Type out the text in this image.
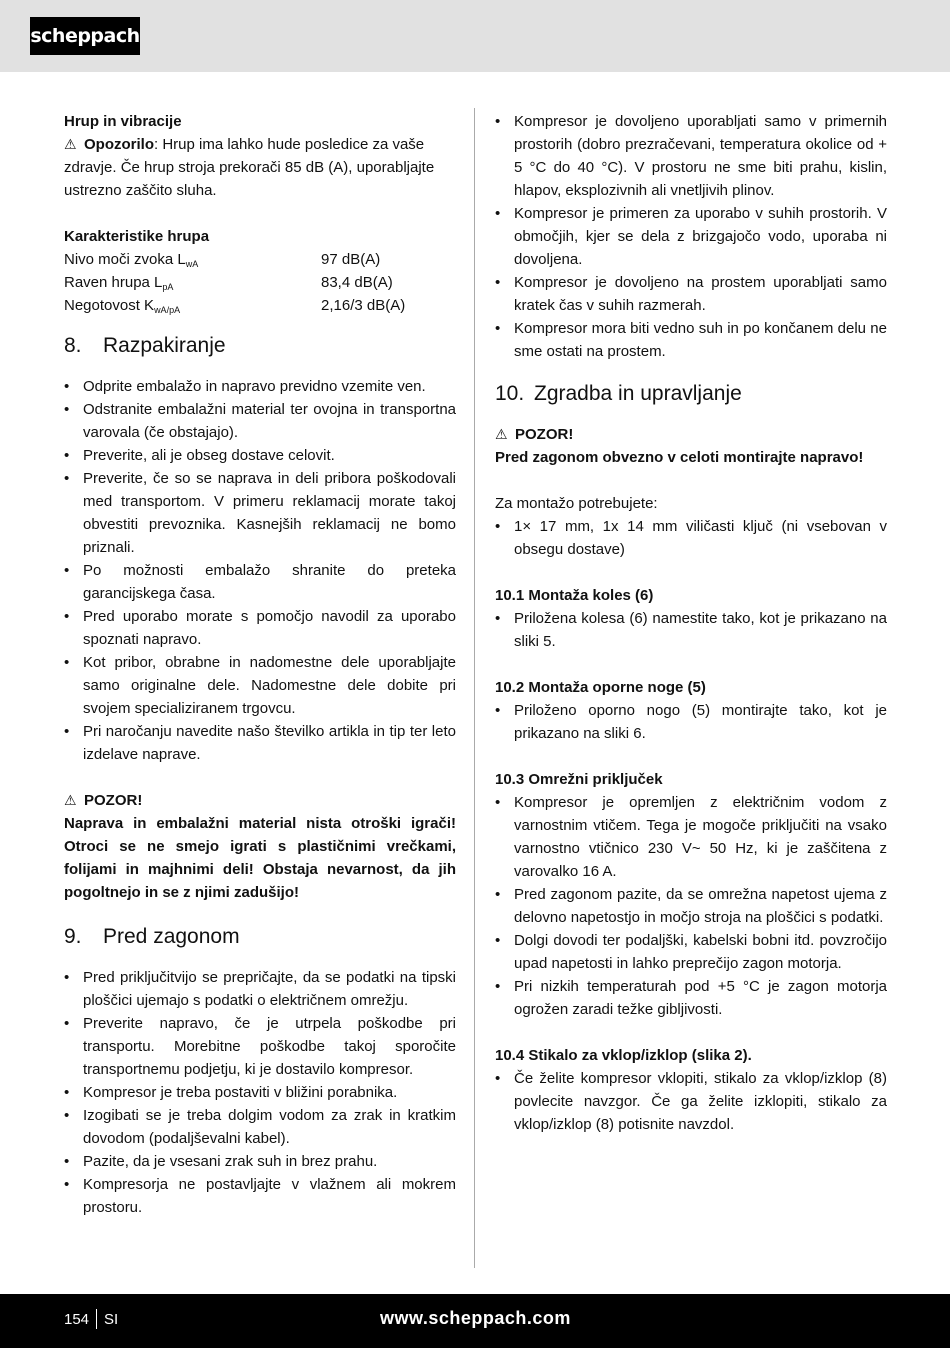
scheppach

Hrup in vibracije

⚠ Opozorilo: Hrup ima lahko hude posledice za vaše zdravje. Če hrup stroja prekorači 85 dB (A), uporabljajte ustrezno zaščito sluha.

Karakteristike hrupa

Nivo moči zvoka $L_{wA}$	97 dB(A)
Raven hrupa $L_{pA}$	83,4 dB(A)
Negotovost $K_{wA/pA}$	2,16/3 dB(A)
8.	Razpakiranje
• Odprite embalažo in napravo previdno vzemite ven.
• Odstranite embalažni material ter ovojna in transportna varovala (če obstajajo).
• Preverite, ali je obseg dostave celovit.
• Preverite, če so se naprava in deli pribora poškodovali med transportom. V primeru reklamacij morate takoj obvestiti prevoznika. Kasnejših reklamacij ne bomo priznali.
• Po možnosti embalažo shranite do preteka garancijskega časa.
• Pred uporabo morate s pomočjo navodil za uporabo spoznati napravo.
• Kot pribor, obrabne in nadomestne dele uporabljajte samo originalne dele. Nadomestne dele dobite pri svojem specializiranem trgovcu.
• Pri naročanju navedite našo številko artikla in tip ter leto izdelave naprave.

⚠ POZOR!

Naprava in embalažni material nista otroški igrači! Otroci se ne smejo igrati s plastičnimi vrečkami, folijami in majhnimi deli! Obstaja nevarnost, da jih pogoltnejo in se z njimi zadušijo!

9.	Pred zagonom
• Pred priključitvijo se prepričajte, da se podatki na tipski ploščici ujemajo s podatki o električnem omrežju.
• Preverite napravo, če je utrpela poškodbe pri transportu. Morebitne poškodbe takoj sporočite transportnemu podjetju, ki je dostavilo kompresor.
• Kompresor je treba postaviti v bližini porabnika.
• Izogibati se je treba dolgim vodom za zrak in kratkim dovodom (podaljševalni kabel).
• Pazite, da je vsesani zrak suh in brez prahu.
• Kompresorja ne postavljajte v vlažnem ali mokrem prostoru.
• Kompresor je dovoljeno uporabljati samo v primernih prostorih (dobro prezračevani, temperatura okolice od + 5 °C do 40 °C). V prostoru ne sme biti prahu, kislin, hlapov, eksplozivnih ali vnetljivih plinov.
• Kompresor je primeren za uporabo v suhih prostorih. V območjih, kjer se dela z brizgajočo vodo, uporaba ni dovoljena.
• Kompresor je dovoljeno na prostem uporabljati samo kratek čas v suhih razmerah.
• Kompresor mora biti vedno suh in po končanem delu ne sme ostati na prostem.
10. Zgradba in upravljanje

⚠ POZOR!

Pred zagonom obvezno v celoti montirajte napravo!

Za montažo potrebujete:

• 1× 17 mm, 1x 14 mm viličasti ključ (ni vsebovan v obsegu dostave)

10.1 Montaža koles (6)

• Priložena kolesa (6) namestite tako, kot je prikazano na sliki 5.

10.2 Montaža oporne noge (5)

• Priloženo oporno nogo (5) montirajte tako, kot je prikazano na sliki 6.

10.3 Omrežni priključek

• Kompresor je opremljen z električnim vodom z varnostnim vtičem. Tega je mogoče priključiti na vsako varnostno vtičnico 230 V~ 50 Hz, ki je zaščitena z varovalko 16 A.
• Pred zagonom pazite, da se omrežna napetost ujema z delovno napetostjo in močjo stroja na ploščici s podatki.
• Dolgi dovodi ter podaljški, kabelski bobni itd. povzročijo upad napetosti in lahko preprečijo zagon motorja.
• Pri nizkih temperaturah pod +5 °C je zagon motorja ogrožen zaradi težke gibljivosti.

10.4 Stikalo za vklop/izklop (slika 2).

• Če želite kompresor vklopiti, stikalo za vklop/izklop (8) povlecite navzgor. Če ga želite izklopiti, stikalo za vklop/izklop (8) potisnite navzdol.
154 SI	www.scheppach.com
